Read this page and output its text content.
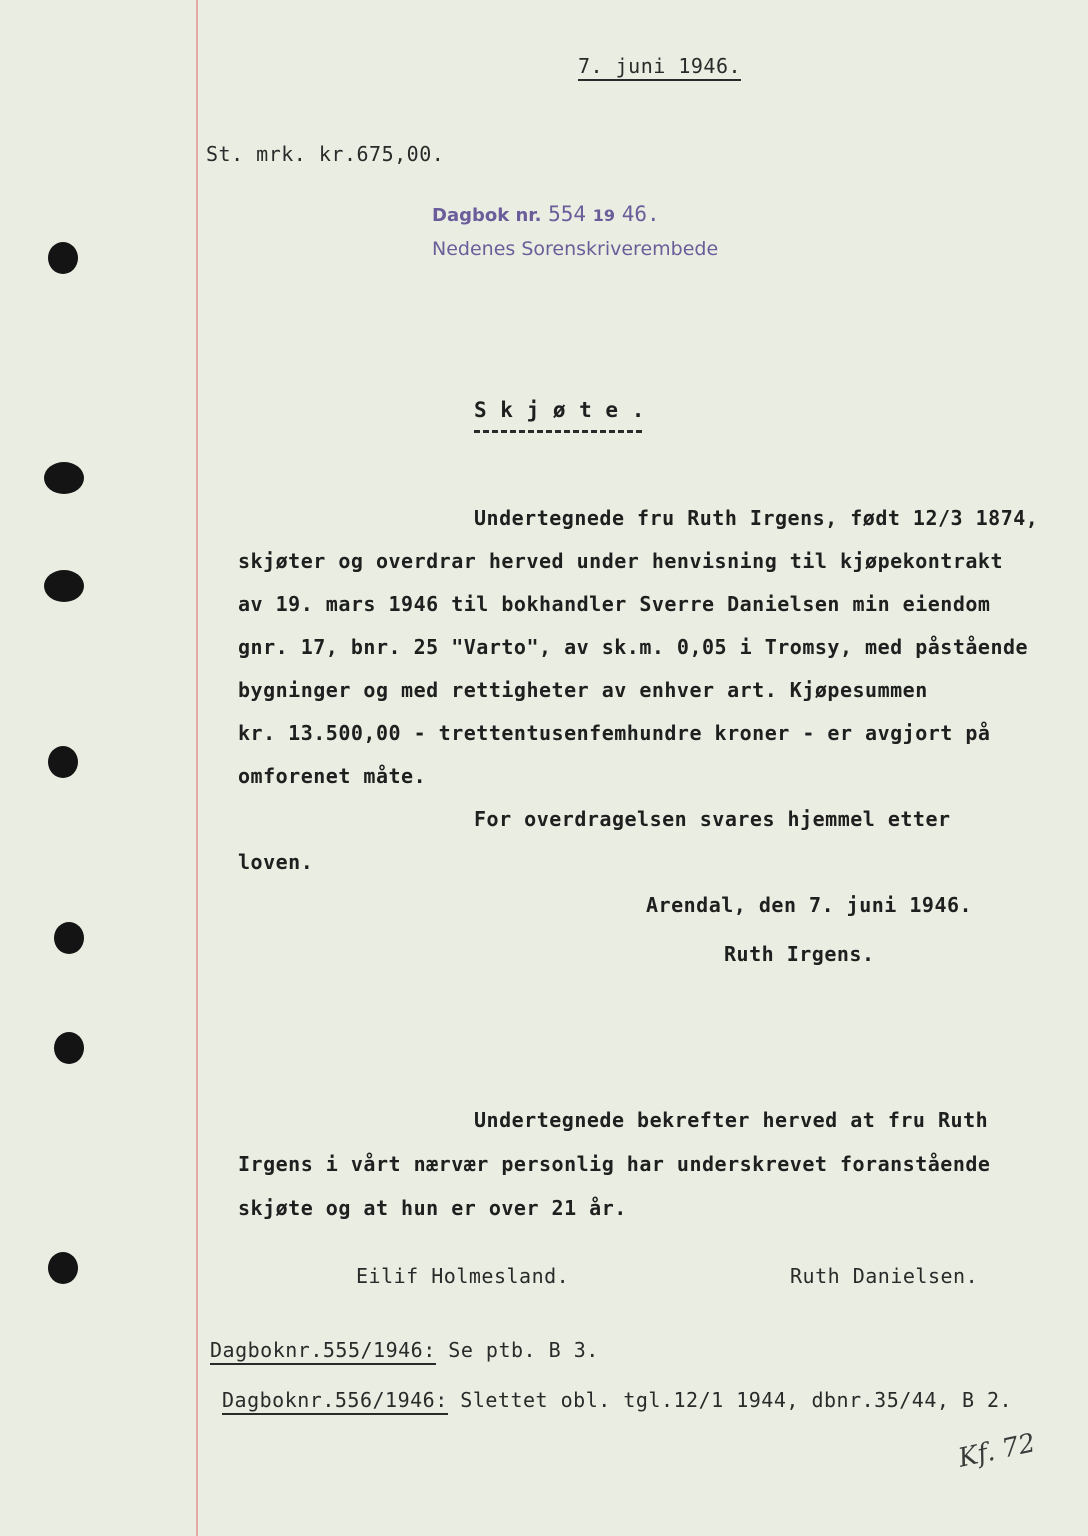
7. juni 1946.
St. mrk. kr.675,00.
Dagbok nr. 554 19 46.
Nedenes Sorenskriverembede
S k j ø t e .
Undertegnede fru Ruth Irgens, født 12/3 1874,
skjøter og overdrar herved under henvisning til kjøpekontrakt
av 19. mars 1946 til bokhandler Sverre Danielsen min eiendom
gnr. 17, bnr. 25 "Varto", av sk.m. 0,05 i Tromsy, med påstående
bygninger og med rettigheter av enhver art. Kjøpesummen
kr. 13.500,00 - trettentusenfemhundre kroner - er avgjort på
omforenet måte.
For overdragelsen svares hjemmel etter
loven.
Arendal, den 7. juni 1946.
Ruth Irgens.
Undertegnede bekrefter herved at fru Ruth
Irgens i vårt nærvær personlig har underskrevet foranstående
skjøte og at hun er over 21 år.
Eilif Holmesland.	Ruth Danielsen.
Dagboknr.555/1946: Se ptb. B 3.
Dagboknr.556/1946: Slettet obl. tgl.12/1 1944, dbnr.35/44, B 2.
Kf. 72
